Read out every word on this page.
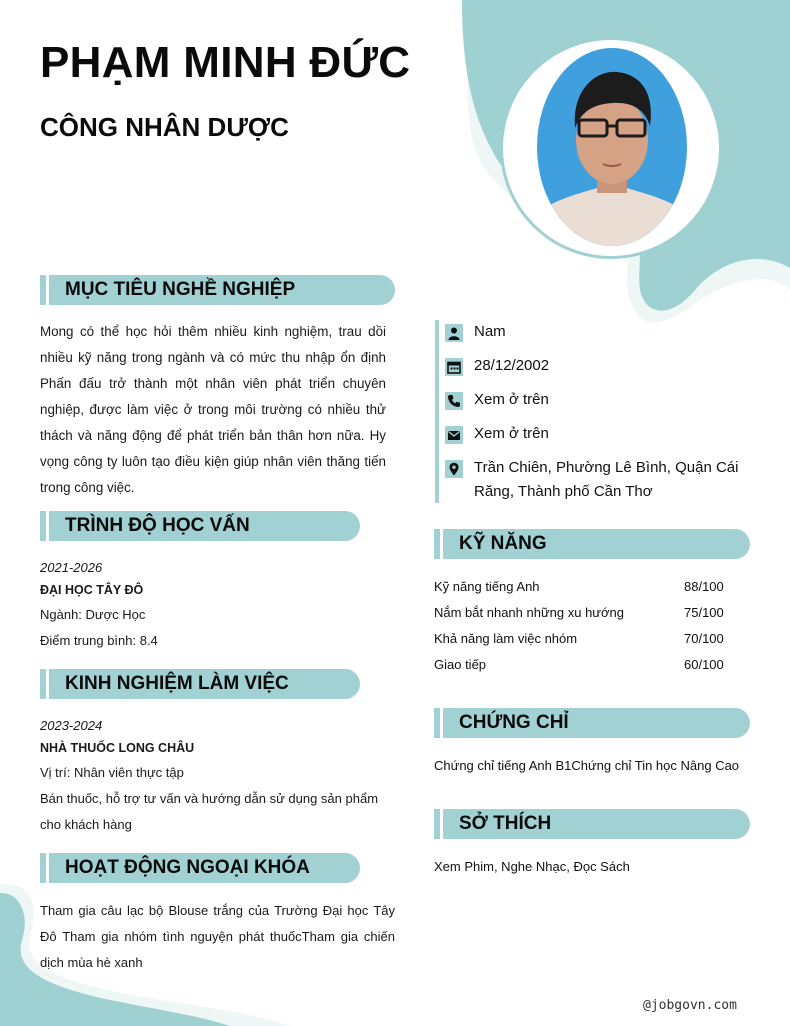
PHẠM MINH ĐỨC
CÔNG NHÂN DƯỢC
MỤC TIÊU NGHỀ NGHIỆP

Mong có thể học hỏi thêm nhiều kinh nghiệm, trau dồi nhiều kỹ năng trong ngành và có mức thu nhập ổn định Phấn đấu trở thành một nhân viên phát triển chuyên nghiệp, được làm việc ở trong môi trường có nhiều thử thách và năng động để phát triển bản thân hơn nữa. Hy vọng công ty luôn tạo điều kiện giúp nhân viên thăng tiến trong công việc.

TRÌNH ĐỘ HỌC VẤN
2021-2026
ĐẠI HỌC TÂY ĐÔ
Ngành: Dược Học
Điểm trung bình: 8.4
KINH NGHIỆM LÀM VIỆC
2023-2024
NHÀ THUỐC LONG CHÂU
Vị trí: Nhân viên thực tập

Bán thuốc, hỗ trợ tư vấn và hướng dẫn sử dụng sản phẩm cho khách hàng

HOẠT ĐỘNG NGOẠI KHÓA

Tham gia câu lạc bộ Blouse trắng của Trường Đại học Tây Đô Tham gia nhóm tình nguyện phát thuốcTham gia chiến dịch mùa hè xanh

Nam
28/12/2002
Xem ở trên
Xem ở trên
Trần Chiên, Phường Lê Bình, Quận Cái Răng, Thành phố Cần Thơ
KỸ NĂNG
Kỹ năng tiếng Anh	88/100
Nắm bắt nhanh những xu hướng	75/100
Khả năng làm việc nhóm	70/100
Giao tiếp	60/100
CHỨNG CHỈ
Chứng chỉ tiếng Anh B1Chứng chỉ Tin học Nâng Cao
SỞ THÍCH
Xem Phim, Nghe Nhạc, Đọc Sách
@jobgovn.com
